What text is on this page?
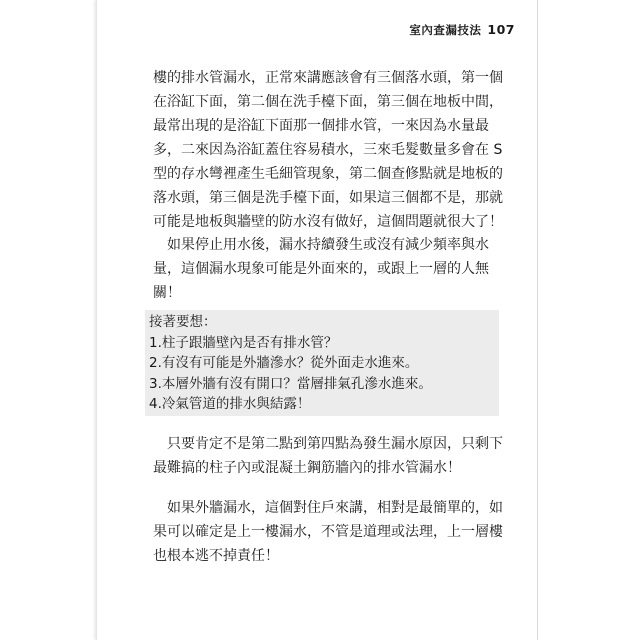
室內查漏技法 107

樓的排水管漏水，正常來講應該會有三個落水頭，第一個
在浴缸下面，第二個在洗手檯下面，第三個在地板中間，
最常出現的是浴缸下面那一個排水管，一來因為水量最
多，二來因為浴缸蓋住容易積水，三來毛髮數量多會在 S
型的存水彎裡產生毛細管現象，第二個查修點就是地板的
落水頭，第三個是洗手檯下面，如果這三個都不是，那就
可能是地板與牆壁的防水沒有做好，這個問題就很大了！

　如果停止用水後，漏水持續發生或沒有減少頻率與水
量，這個漏水現象可能是外面來的，或跟上一層的人無
關！

接著要想：

1.柱子跟牆壁內是否有排水管？

2.有沒有可能是外牆滲水？從外面走水進來。

3.本層外牆有沒有開口？當層排氣孔滲水進來。

4.冷氣管道的排水與結露！

　只要肯定不是第二點到第四點為發生漏水原因，只剩下
最難搞的柱子內或混凝土鋼筋牆內的排水管漏水！

　如果外牆漏水，這個對住戶來講，相對是最簡單的，如
果可以確定是上一樓漏水，不管是道理或法理，上一層樓
也根本逃不掉責任！
